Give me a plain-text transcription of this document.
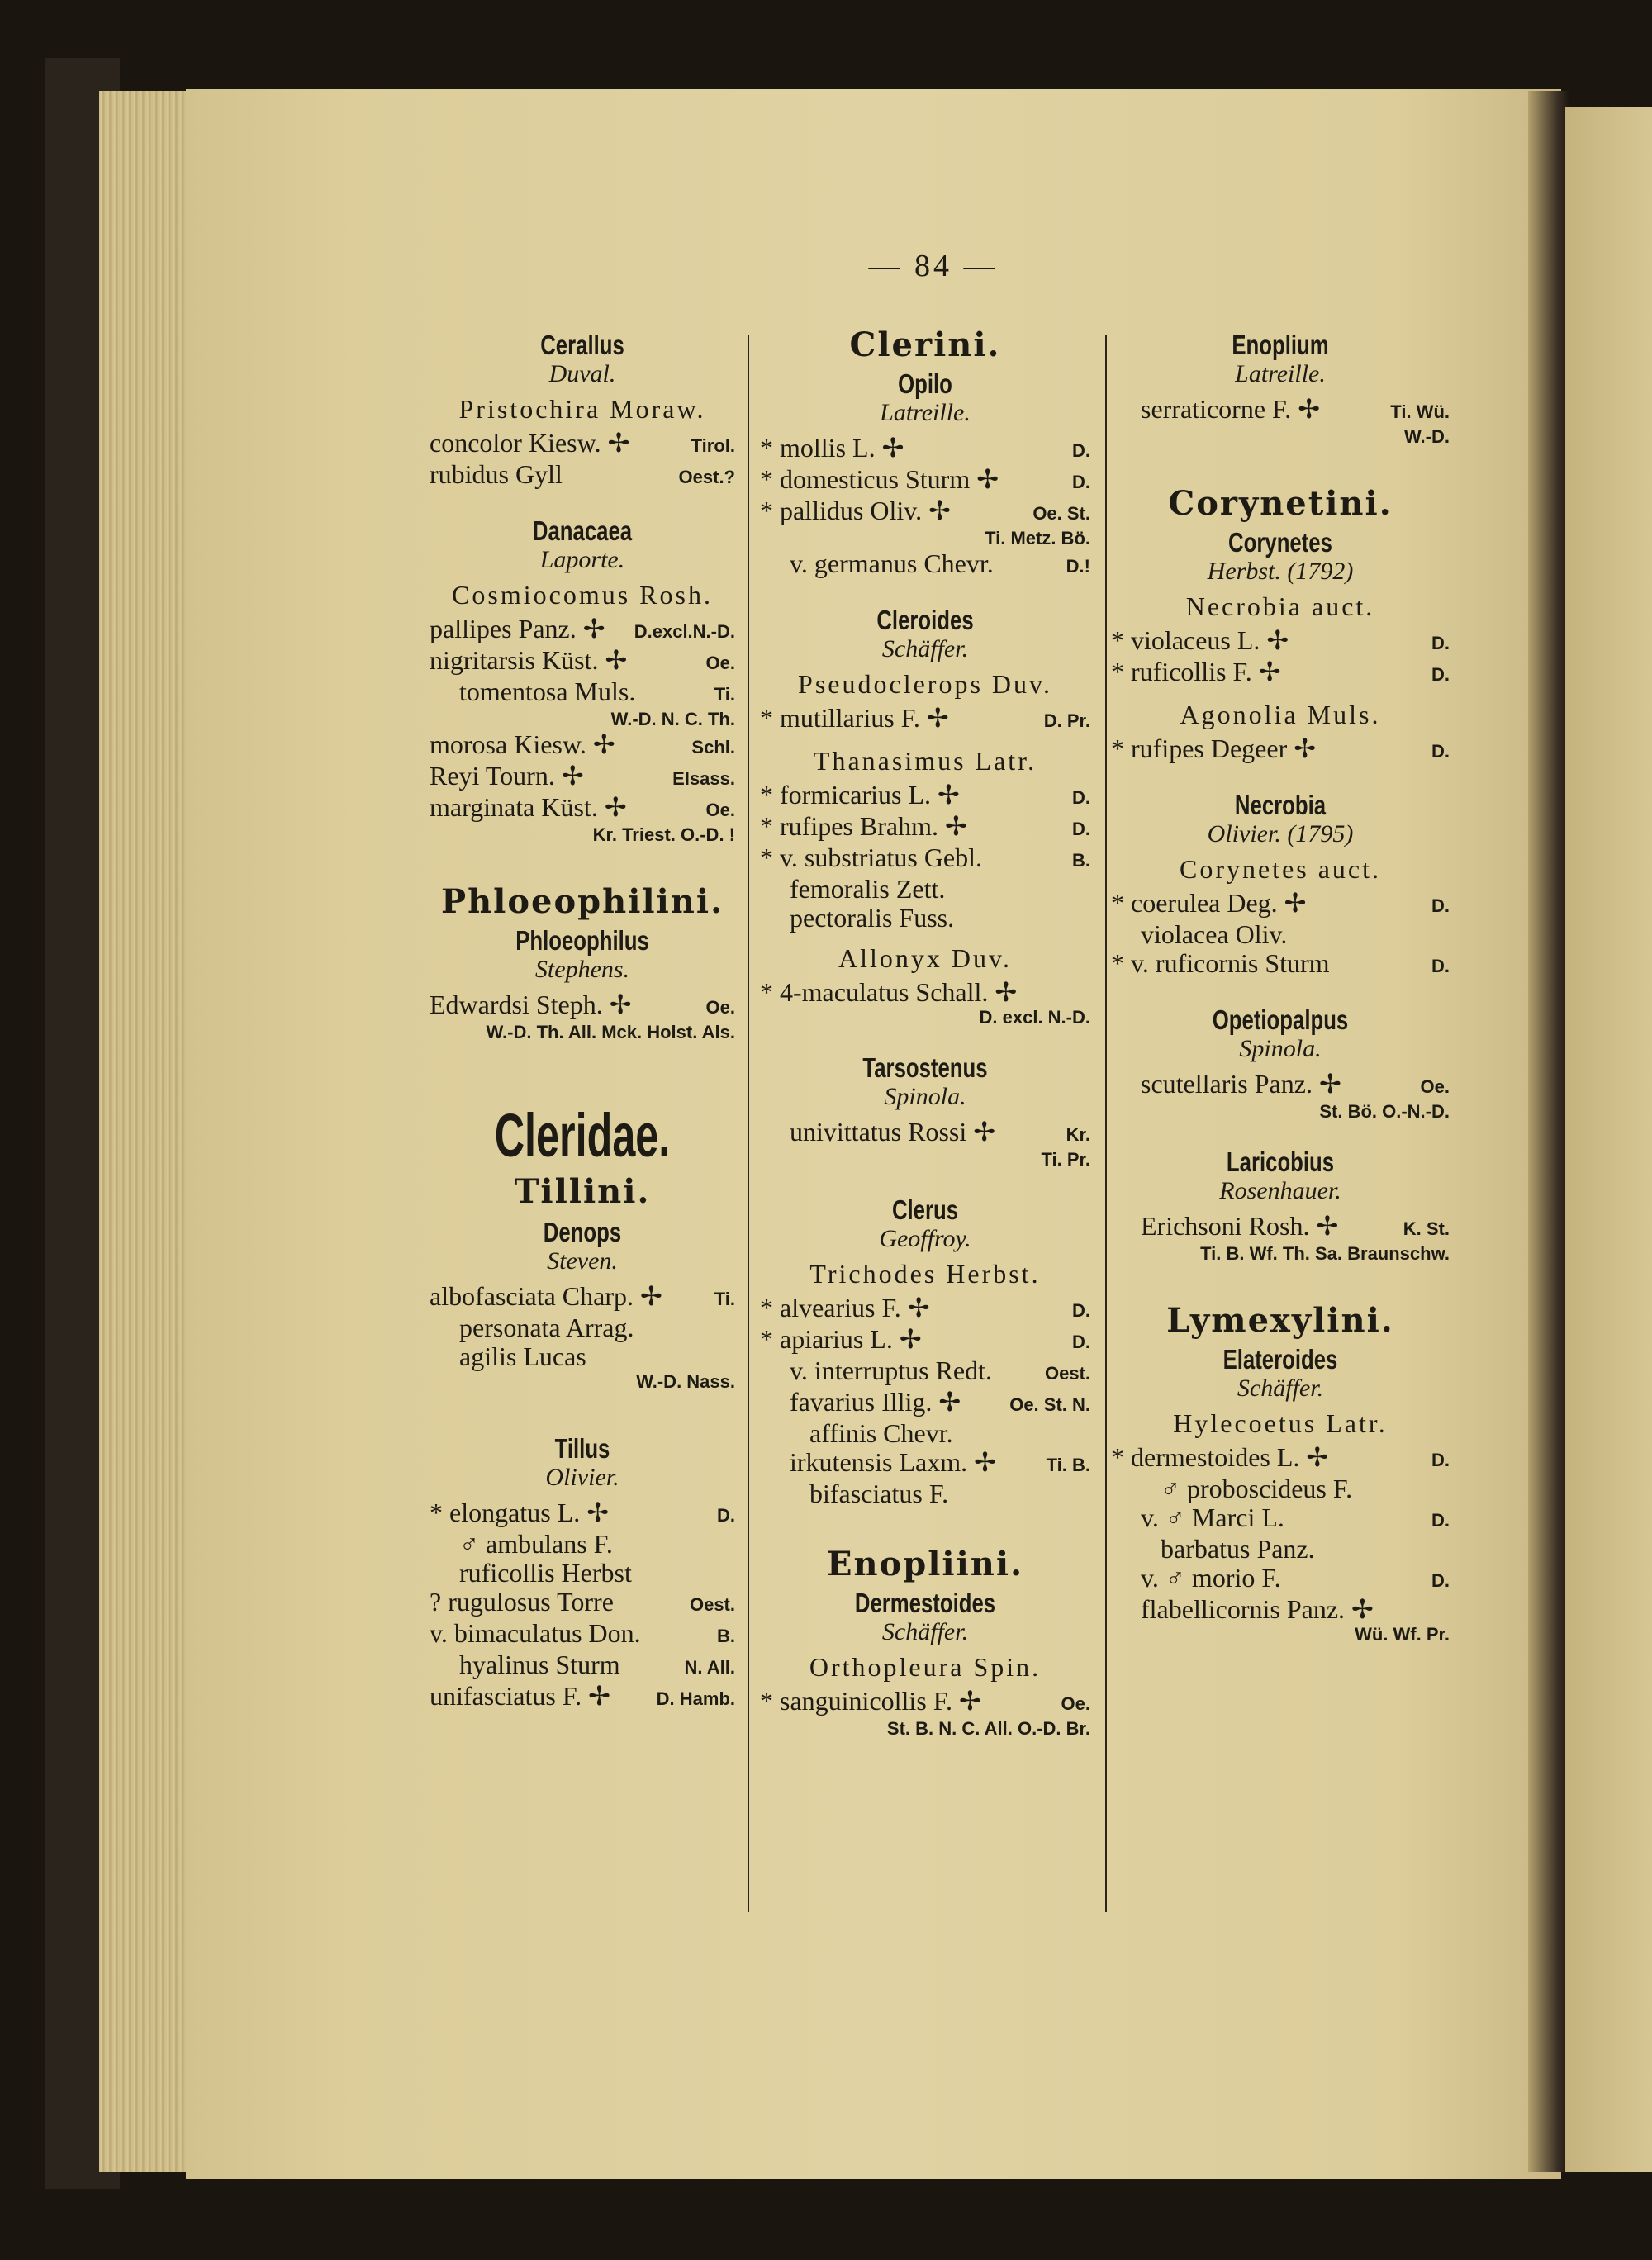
— 84 —
Cerallus
Duval.
Pristochira Moraw.
concolor Kiesw. ✢	Tirol.
rubidus Gyll	Oest.?
Danacaea
Laporte.
Cosmiocomus Rosh.
pallipes Panz. ✢ D.excl.N.-D.
nigritarsis Küst. ✢	Oe.
tomentosa Muls.	Ti.
W.-D. N. C. Th.
morosa Kiesw. ✢	Schl.
Reyi Tourn. ✢	Elsass.
marginata Küst. ✢	Oe.
Kr. Triest. O.-D. !
Phloeophilini.
Phloeophilus
Stephens.
Edwardsi Steph. ✢	Oe.
W.-D. Th. All. Mck. Holst. Als.
Cleridae.
Tillini.
Denops
Steven.
albofasciata Charp. ✢	Ti.
personata Arrag.
agilis Lucas
W.-D. Nass.
Tillus
Olivier.
* elongatus L. ✢	D.
♂ ambulans F.
ruficollis Herbst
? rugulosus Torre	Oest.
v. bimaculatus Don.	B.
hyalinus Sturm	N. All.
unifasciatus F. ✢	D. Hamb.
Clerini.
Opilo
Latreille.
* mollis L. ✢	D.
* domesticus Sturm ✢	D.
* pallidus Oliv. ✢	Oe. St.
Ti. Metz. Bö.
v. germanus Chevr.	D.!
Cleroides
Schäffer.
Pseudoclerops Duv.
* mutillarius F. ✢	D. Pr.
Thanasimus Latr.
* formicarius L. ✢	D.
* rufipes Brahm. ✢	D.
* v. substriatus Gebl.	B.
femoralis Zett.
pectoralis Fuss.
Allonyx Duv.
* 4-maculatus Schall. ✢
D. excl. N.-D.
Tarsostenus
Spinola.
univittatus Rossi ✢	Kr.
Ti. Pr.
Clerus
Geoffroy.
Trichodes Herbst.
* alvearius F. ✢	D.
* apiarius L. ✢	D.
v. interruptus Redt.	Oest.
favarius Illig. ✢	Oe. St. N.
affinis Chevr.
irkutensis Laxm. ✢	Ti. B.
bifasciatus F.
Enopliini.
Dermestoides
Schäffer.
Orthopleura Spin.
* sanguinicollis F. ✢	Oe.
St. B. N. C. All. O.-D. Br.
Enoplium
Latreille.
serraticorne F. ✢	Ti. Wü.
W.-D.
Corynetini.
Corynetes
Herbst. (1792)
Necrobia auct.
* violaceus L. ✢	D.
* ruficollis F. ✢	D.
Agonolia Muls.
* rufipes Degeer ✢	D.
Necrobia
Olivier. (1795)
Corynetes auct.
* coerulea Deg. ✢	D.
violacea Oliv.
* v. ruficornis Sturm	D.
Opetiopalpus
Spinola.
scutellaris Panz. ✢	Oe.
St. Bö. O.-N.-D.
Laricobius
Rosenhauer.
Erichsoni Rosh. ✢	K. St.
Ti. B. Wf. Th. Sa. Braunschw.
Lymexylini.
Elateroides
Schäffer.
Hylecoetus Latr.
* dermestoides L. ✢	D.
♂ proboscideus F.
v. ♂ Marci L.	D.
barbatus Panz.
v. ♂ morio F.	D.
flabellicornis Panz. ✢
Wü. Wf. Pr.
